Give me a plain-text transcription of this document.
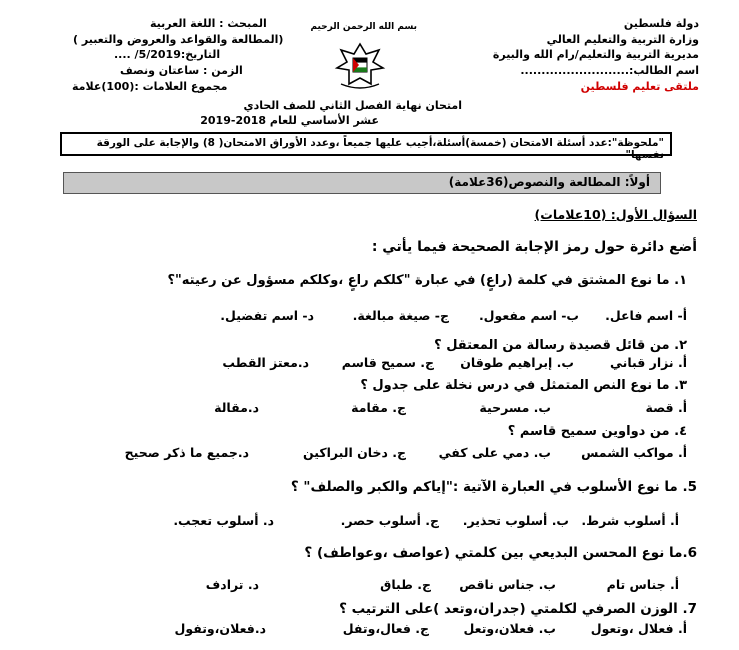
دولة فلسطين
وزارة التربية والتعليم العالي
مديرية التربية والتعليم/رام الله والبيرة
اسم الطالب:..........................
ملتقى تعليم فلسطين
بسم الله الرحمن الرحيم
امتحان نهاية الفصل الثاني للصف الحادي
عشر الأساسي للعام 2018-2019
المبحث : اللغة العربية
(المطالعة والقواعد والعروض والتعبير )
التاريخ:5/2019/ ....
الزمن : ساعتان ونصف
مجموع العلامات :(100)علامة
"ملحوظة":عدد أسئلة الامتحان (خمسة)أسئلة،أجيب عليها جميعاً ،وعدد الأوراق الامتحان( 8) والإجابة على الورقة نفسها"
أولاً: المطالعة والنصوص(36علامة)
السؤال الأول: (10علامات)
أضع دائرة حول رمز الإجابة الصحيحة فيما يأتي :
١. ما نوع المشتق في كلمة (راعٍ) في عبارة "كلكم راعٍ ،وكلكم مسؤول عن رعيته"؟
أ- اسم فاعل.
ب- اسم مفعول.
ج- صيغة مبالغة.
د- اسم تفضيل.
٢. من قائل قصيدة رسالة من المعتقل ؟
أ. نزار قباني
ب. إبراهيم طوقان
ج. سميح قاسم
د.معتز القطب
٣. ما نوع النص المتمثل في درس نخلة على جدول ؟
أ. قصة
ب. مسرحية
ج. مقامة
د.مقالة
٤. من دواوين سميح قاسم ؟
أ. مواكب الشمس
ب. دمي على كفي
ج. دخان البراكين
د.جميع ما ذكر صحيح
5. ما نوع الأسلوب في العبارة الآتية :"إياكم والكبر والصلف" ؟
أ. أسلوب شرط.
ب. أسلوب تحذير.
ج. أسلوب حصر.
د. أسلوب تعجب.
6.ما نوع المحسن البديعي بين كلمتي (عواصف ،وعواطف) ؟
أ. جناس تام
ب. جناس ناقص
ج. طباق
د. ترادف
7. الوزن الصرفي لكلمتي (جدران،وتعد )على الترتيب ؟
أ. فعلال ،وتعول
ب. فعلان،وتعل
ج. فعال،وتفل
د.فعلان،وتفول
